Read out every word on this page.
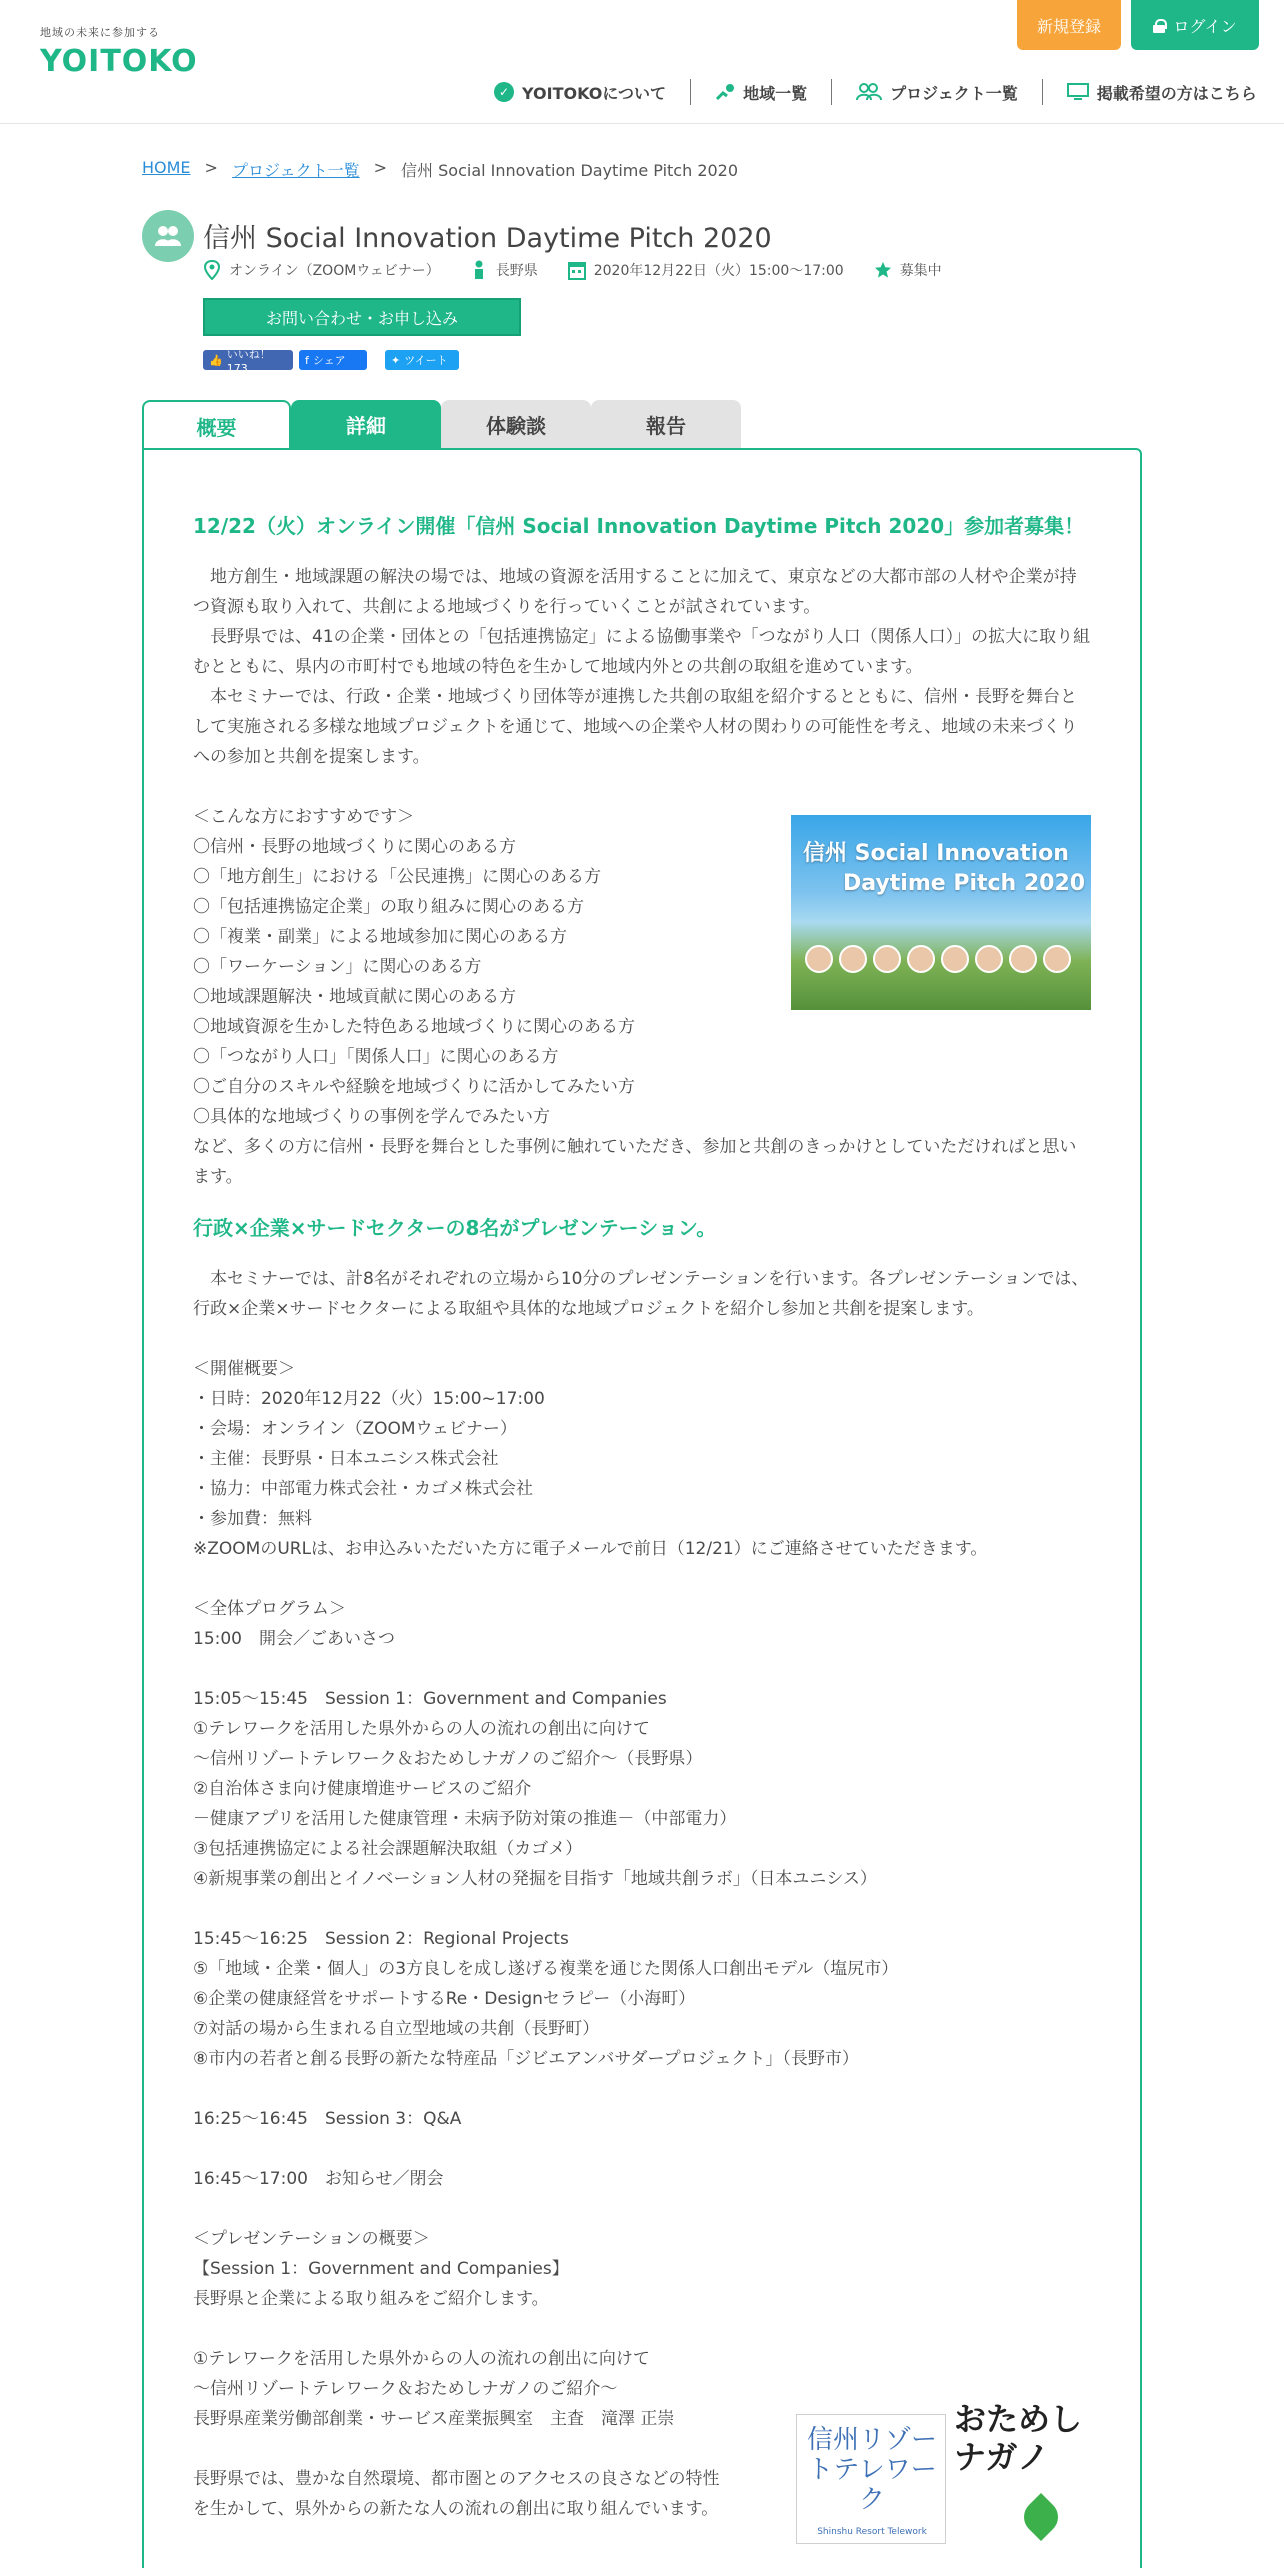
地域の未来に参加する
YOITOKO
新規登録	ログイン
✓ YOITOKOについて	地域一覧	プロジェクト一覧	掲載希望の方はこちら
HOME > プロジェクト一覧 > 信州 Social Innovation Daytime Pitch 2020
信州 Social Innovation Daytime Pitch 2020
オンライン（ZOOMウェビナー）	長野県	2020年12月22日（火）15:00～17:00	募集中
お問い合わせ・お申し込み
👍 いいね！ 173
f シェア	✦ ツイート
概要	詳細	体験談	報告
12/22（火）オンライン開催「信州 Social Innovation Daytime Pitch 2020」参加者募集！

地方創生・地域課題の解決の場では、地域の資源を活用することに加えて、東京などの大都市部の人材や企業が持つ資源も取り入れて、共創による地域づくりを行っていくことが試されています。

長野県では、41の企業・団体との「包括連携協定」による協働事業や「つながり人口（関係人口）」の拡大に取り組むとともに、県内の市町村でも地域の特色を生かして地域内外との共創の取組を進めています。

本セミナーでは、行政・企業・地域づくり団体等が連携した共創の取組を紹介するとともに、信州・長野を舞台として実施される多様な地域プロジェクトを通じて、地域への企業や人材の関わりの可能性を考え、地域の未来づくりへの参加と共創を提案します。

＜こんな方におすすめです＞

〇信州・長野の地域づくりに関心のある方

〇「地方創生」における「公民連携」に関心のある方

〇「包括連携協定企業」の取り組みに関心のある方

〇「複業・副業」による地域参加に関心のある方

〇「ワーケーション」に関心のある方

〇地域課題解決・地域貢献に関心のある方

〇地域資源を生かした特色ある地域づくりに関心のある方

〇「つながり人口」「関係人口」に関心のある方

〇ご自分のスキルや経験を地域づくりに活かしてみたい方

〇具体的な地域づくりの事例を学んでみたい方

など、多くの方に信州・長野を舞台とした事例に触れていただき、参加と共創のきっかけとしていただければと思います。

行政×企業×サードセクターの8名がプレゼンテーション。

本セミナーでは、計8名がそれぞれの立場から10分のプレゼンテーションを行います。各プレゼンテーションでは、行政×企業×サードセクターによる取組や具体的な地域プロジェクトを紹介し参加と共創を提案します。

＜開催概要＞

・日時：2020年12月22（火）15:00~17:00

・会場：オンライン（ZOOMウェビナー）

・主催：長野県・日本ユニシス株式会社

・協力：中部電力株式会社・カゴメ株式会社

・参加費：無料

※ZOOMのURLは、お申込みいただいた方に電子メールで前日（12/21）にご連絡させていただきます。

＜全体プログラム＞

15:00　開会／ごあいさつ

15:05～15:45　Session 1：Government and Companies

①テレワークを活用した県外からの人の流れの創出に向けて

～信州リゾートテレワーク＆おためしナガノのご紹介～（長野県）

②自治体さま向け健康増進サービスのご紹介

－健康アプリを活用した健康管理・未病予防対策の推進－（中部電力）

③包括連携協定による社会課題解決取組（カゴメ）

④新規事業の創出とイノベーション人材の発掘を目指す「地域共創ラボ」（日本ユニシス）

15:45～16:25　Session 2：Regional Projects

⑤「地域・企業・個人」の3方良しを成し遂げる複業を通じた関係人口創出モデル（塩尻市）

⑥企業の健康経営をサポートするRe・Designセラピー（小海町）

⑦対話の場から生まれる自立型地域の共創（長野町）

⑧市内の若者と創る長野の新たな特産品「ジビエアンバサダープロジェクト」（長野市）

16:25～16:45　Session 3：Q&A

16:45～17:00　お知らせ／閉会

＜プレゼンテーションの概要＞

【Session 1：Government and Companies】

長野県と企業による取り組みをご紹介します。

①テレワークを活用した県外からの人の流れの創出に向けて

～信州リゾートテレワーク＆おためしナガノのご紹介～

長野県産業労働部創業・サービス産業振興室　主査　滝澤 正崇

長野県では、豊かな自然環境、都市圏とのアクセスの良さなどの特性

を生かして、県外からの新たな人の流れの創出に取り組んでいます。

信州 Social Innovation
Daytime Pitch 2020
信州リゾートテレワーク
Shinshu Resort Telework
おためしナガノ
